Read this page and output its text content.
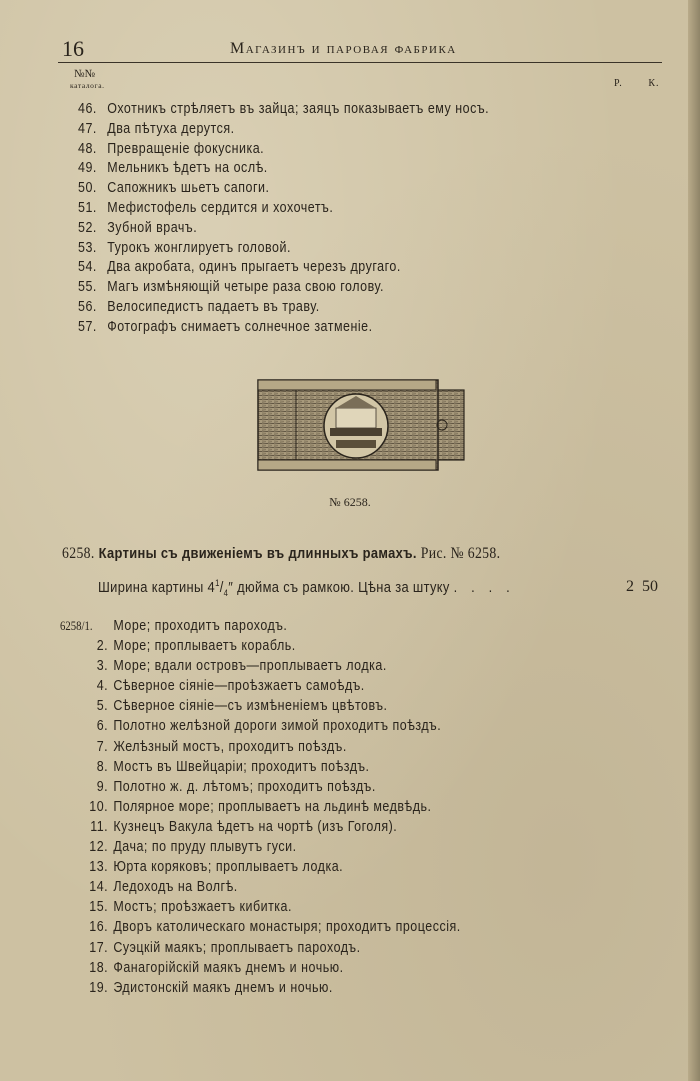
16	Магазинъ и паровая фабрика
№№
каталога.	Р.	К.
46. Охотникъ стрѣляетъ въ зайца; заяцъ показываетъ ему носъ.
47. Два пѣтуха дерутся.
48. Превращеніе фокусника.
49. Мельникъ ѣдетъ на ослѣ.
50. Сапожникъ шьетъ сапоги.
51. Мефистофель сердится и хохочетъ.
52. Зубной врачъ.
53. Турокъ жонглируетъ головой.
54. Два акробата, одинъ прыгаетъ черезъ другаго.
55. Магъ измѣняющій четыре раза свою голову.
56. Велосипедистъ падаетъ въ траву.
57. Фотографъ снимаетъ солнечное затменіе.
№ 6258.
6258. Картины съ движеніемъ въ длинныхъ рамахъ. Рис. № 6258.
Ширина картины $4^1/_4''$ дюйма съ рамкою. Цѣна за штуку . . . .	2 50
6258/1. Море; проходитъ пароходъ.
2. Море; проплываетъ корабль.
3. Море; вдали островъ—проплываетъ лодка.
4. Сѣверное сіяніе—проѣзжаетъ самоѣдъ.
5. Сѣверное сіяніе—съ измѣненіемъ цвѣтовъ.
6. Полотно желѣзной дороги зимой проходитъ поѣздъ.
7. Желѣзный мостъ, проходитъ поѣздъ.
8. Мостъ въ Швейцаріи; проходитъ поѣздъ.
9. Полотно ж. д. лѣтомъ; проходитъ поѣздъ.
10. Полярное море; проплываетъ на льдинѣ медвѣдь.
11. Кузнецъ Вакула ѣдетъ на чортѣ (изъ Гоголя).
12. Дача; по пруду плывутъ гуси.
13. Юрта коряковъ; проплываетъ лодка.
14. Ледоходъ на Волгѣ.
15. Мостъ; проѣзжаетъ кибитка.
16. Дворъ католическаго монастыря; проходитъ процессія.
17. Суэцкій маякъ; проплываетъ пароходъ.
18. Фанагорійскій маякъ днемъ и ночью.
19. Эдистонскій маякъ днемъ и ночью.
